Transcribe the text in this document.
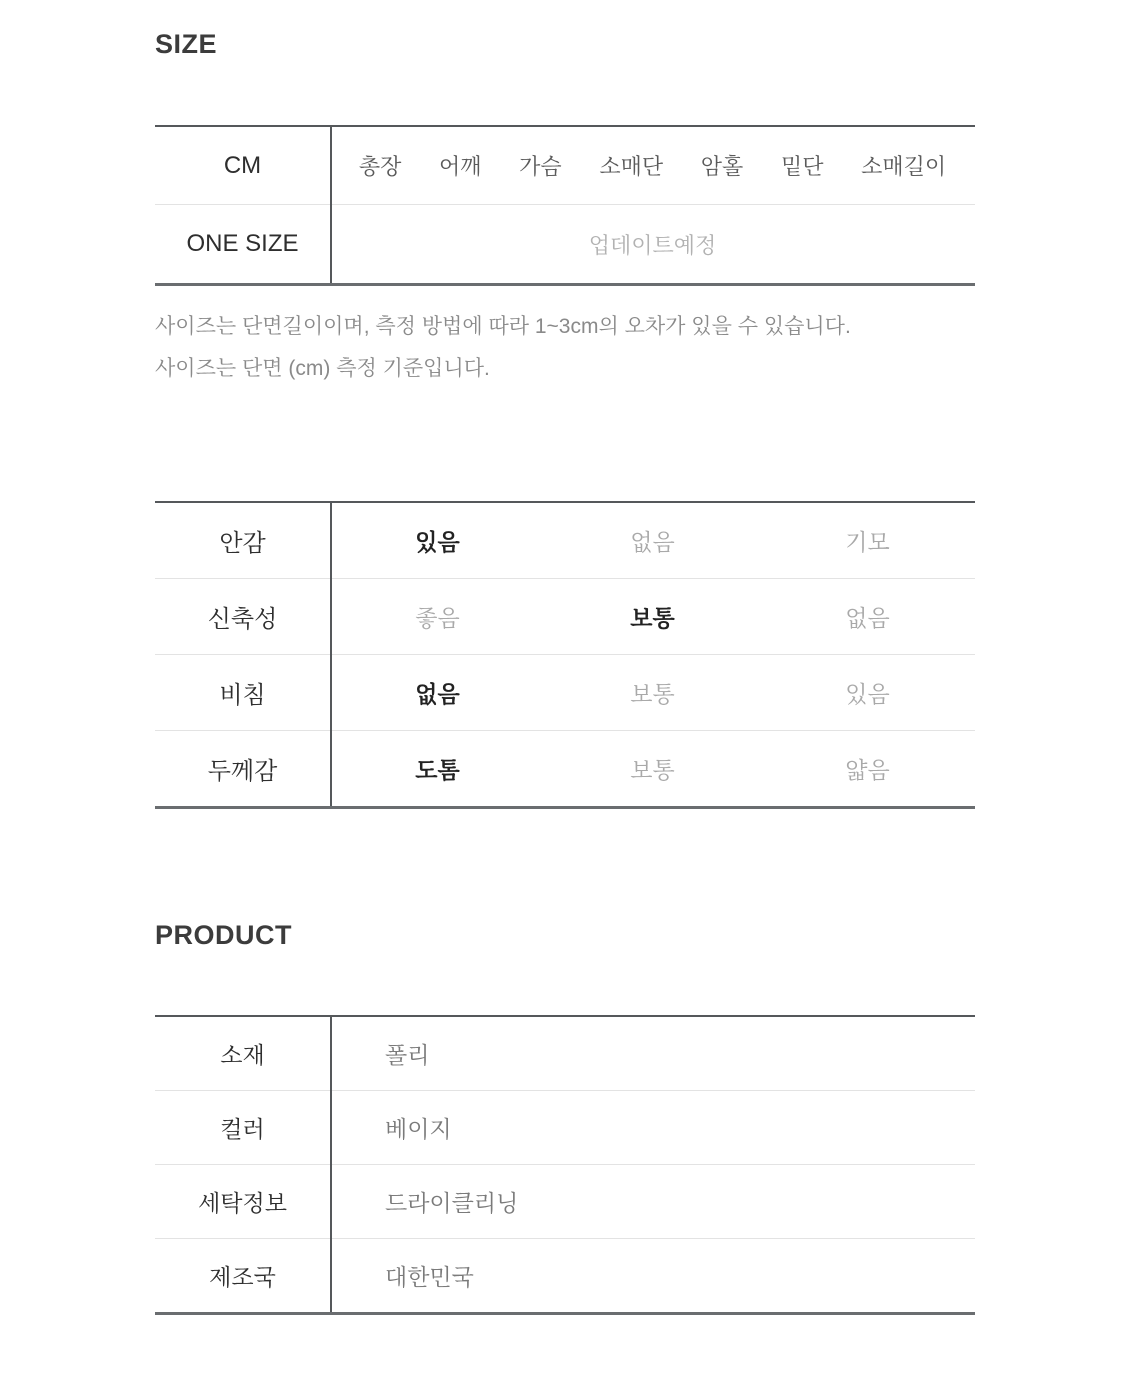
SIZE
CM	총장 어깨 가슴 소매단 암홀 밑단 소매길이
ONE SIZE	업데이트예정

사이즈는 단면길이이며, 측정 방법에 따라 1~3cm의 오차가 있을 수 있습니다.

사이즈는 단면 (cm) 측정 기준입니다.

안감	있음	없음	기모
신축성	좋음	보통	없음
비침	없음	보통	있음
두께감	도톰	보통	얇음
PRODUCT
소재	폴리
컬러	베이지
세탁정보	드라이클리닝
제조국	대한민국
